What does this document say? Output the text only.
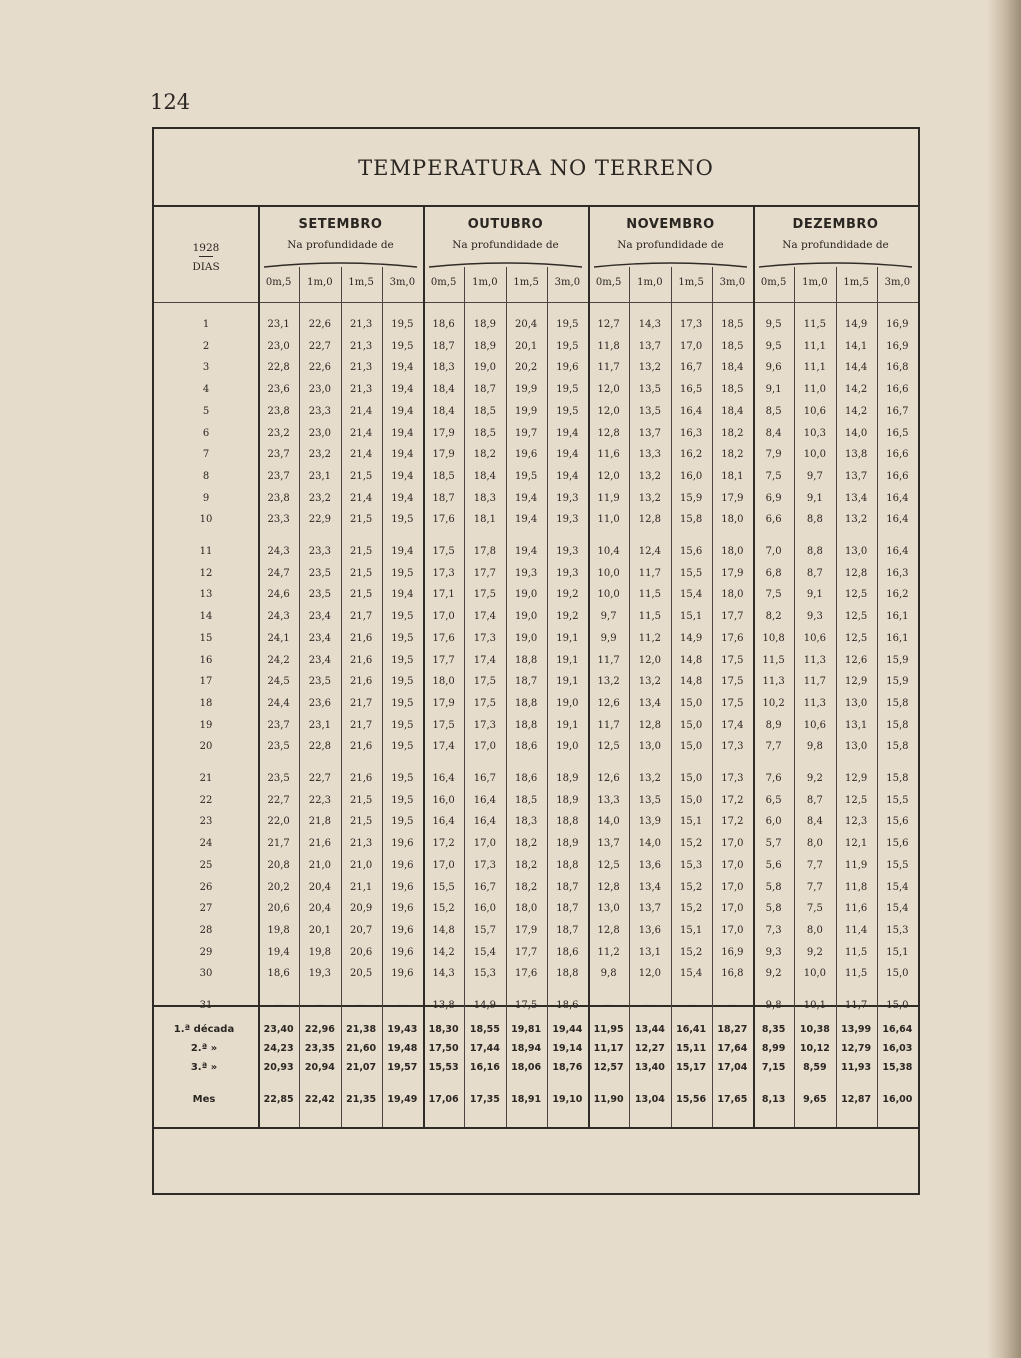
124
TEMPERATURA NO TERRENO
1928
DIAS
SETEMBRO
Na profundidade de
0m,5	1m,0	1m,5	3m,0
OUTUBRO
Na profundidade de
0m,5	1m,0	1m,5	3m,0
NOVEMBRO
Na profundidade de
0m,5	1m,0	1m,5	3m,0
DEZEMBRO
Na profundidade de
0m,5	1m,0	1m,5	3m,0
1	23,1	22,6	21,3	19,5	18,6	18,9	20,4	19,5	12,7	14,3	17,3	18,5	9,5	11,5	14,9	16,9
2	23,0	22,7	21,3	19,5	18,7	18,9	20,1	19,5	11,8	13,7	17,0	18,5	9,5	11,1	14,1	16,9
3	22,8	22,6	21,3	19,4	18,3	19,0	20,2	19,6	11,7	13,2	16,7	18,4	9,6	11,1	14,4	16,8
4	23,6	23,0	21,3	19,4	18,4	18,7	19,9	19,5	12,0	13,5	16,5	18,5	9,1	11,0	14,2	16,6
5	23,8	23,3	21,4	19,4	18,4	18,5	19,9	19,5	12,0	13,5	16,4	18,4	8,5	10,6	14,2	16,7
6	23,2	23,0	21,4	19,4	17,9	18,5	19,7	19,4	12,8	13,7	16,3	18,2	8,4	10,3	14,0	16,5
7	23,7	23,2	21,4	19,4	17,9	18,2	19,6	19,4	11,6	13,3	16,2	18,2	7,9	10,0	13,8	16,6
8	23,7	23,1	21,5	19,4	18,5	18,4	19,5	19,4	12,0	13,2	16,0	18,1	7,5	9,7	13,7	16,6
9	23,8	23,2	21,4	19,4	18,7	18,3	19,4	19,3	11,9	13,2	15,9	17,9	6,9	9,1	13,4	16,4
10	23,3	22,9	21,5	19,5	17,6	18,1	19,4	19,3	11,0	12,8	15,8	18,0	6,6	8,8	13,2	16,4
11	24,3	23,3	21,5	19,4	17,5	17,8	19,4	19,3	10,4	12,4	15,6	18,0	7,0	8,8	13,0	16,4
12	24,7	23,5	21,5	19,5	17,3	17,7	19,3	19,3	10,0	11,7	15,5	17,9	6,8	8,7	12,8	16,3
13	24,6	23,5	21,5	19,4	17,1	17,5	19,0	19,2	10,0	11,5	15,4	18,0	7,5	9,1	12,5	16,2
14	24,3	23,4	21,7	19,5	17,0	17,4	19,0	19,2	9,7	11,5	15,1	17,7	8,2	9,3	12,5	16,1
15	24,1	23,4	21,6	19,5	17,6	17,3	19,0	19,1	9,9	11,2	14,9	17,6	10,8	10,6	12,5	16,1
16	24,2	23,4	21,6	19,5	17,7	17,4	18,8	19,1	11,7	12,0	14,8	17,5	11,5	11,3	12,6	15,9
17	24,5	23,5	21,6	19,5	18,0	17,5	18,7	19,1	13,2	13,2	14,8	17,5	11,3	11,7	12,9	15,9
18	24,4	23,6	21,7	19,5	17,9	17,5	18,8	19,0	12,6	13,4	15,0	17,5	10,2	11,3	13,0	15,8
19	23,7	23,1	21,7	19,5	17,5	17,3	18,8	19,1	11,7	12,8	15,0	17,4	8,9	10,6	13,1	15,8
20	23,5	22,8	21,6	19,5	17,4	17,0	18,6	19,0	12,5	13,0	15,0	17,3	7,7	9,8	13,0	15,8
21	23,5	22,7	21,6	19,5	16,4	16,7	18,6	18,9	12,6	13,2	15,0	17,3	7,6	9,2	12,9	15,8
22	22,7	22,3	21,5	19,5	16,0	16,4	18,5	18,9	13,3	13,5	15,0	17,2	6,5	8,7	12,5	15,5
23	22,0	21,8	21,5	19,5	16,4	16,4	18,3	18,8	14,0	13,9	15,1	17,2	6,0	8,4	12,3	15,6
24	21,7	21,6	21,3	19,6	17,2	17,0	18,2	18,9	13,7	14,0	15,2	17,0	5,7	8,0	12,1	15,6
25	20,8	21,0	21,0	19,6	17,0	17,3	18,2	18,8	12,5	13,6	15,3	17,0	5,6	7,7	11,9	15,5
26	20,2	20,4	21,1	19,6	15,5	16,7	18,2	18,7	12,8	13,4	15,2	17,0	5,8	7,7	11,8	15,4
27	20,6	20,4	20,9	19,6	15,2	16,0	18,0	18,7	13,0	13,7	15,2	17,0	5,8	7,5	11,6	15,4
28	19,8	20,1	20,7	19,6	14,8	15,7	17,9	18,7	12,8	13,6	15,1	17,0	7,3	8,0	11,4	15,3
29	19,4	19,8	20,6	19,6	14,2	15,4	17,7	18,6	11,2	13,1	15,2	16,9	9,3	9,2	11,5	15,1
30	18,6	19,3	20,5	19,6	14,3	15,3	17,6	18,8	9,8	12,0	15,4	16,8	9,2	10,0	11,5	15,0
31	—	—	—	—	13,8	14,9	17,5	18,6	—	—	—	—	9,8	10,1	11,7	15,0
1.ª década	23,40	22,96	21,38	19,43	18,30	18,55	19,81	19,44	11,95	13,44	16,41	18,27	8,35	10,38	13,99	16,64
2.ª »	24,23	23,35	21,60	19,48	17,50	17,44	18,94	19,14	11,17	12,27	15,11	17,64	8,99	10,12	12,79	16,03
3.ª »	20,93	20,94	21,07	19,57	15,53	16,16	18,06	18,76	12,57	13,40	15,17	17,04	7,15	8,59	11,93	15,38
Mes	22,85	22,42	21,35	19,49	17,06	17,35	18,91	19,10	11,90	13,04	15,56	17,65	8,13	9,65	12,87	16,00
